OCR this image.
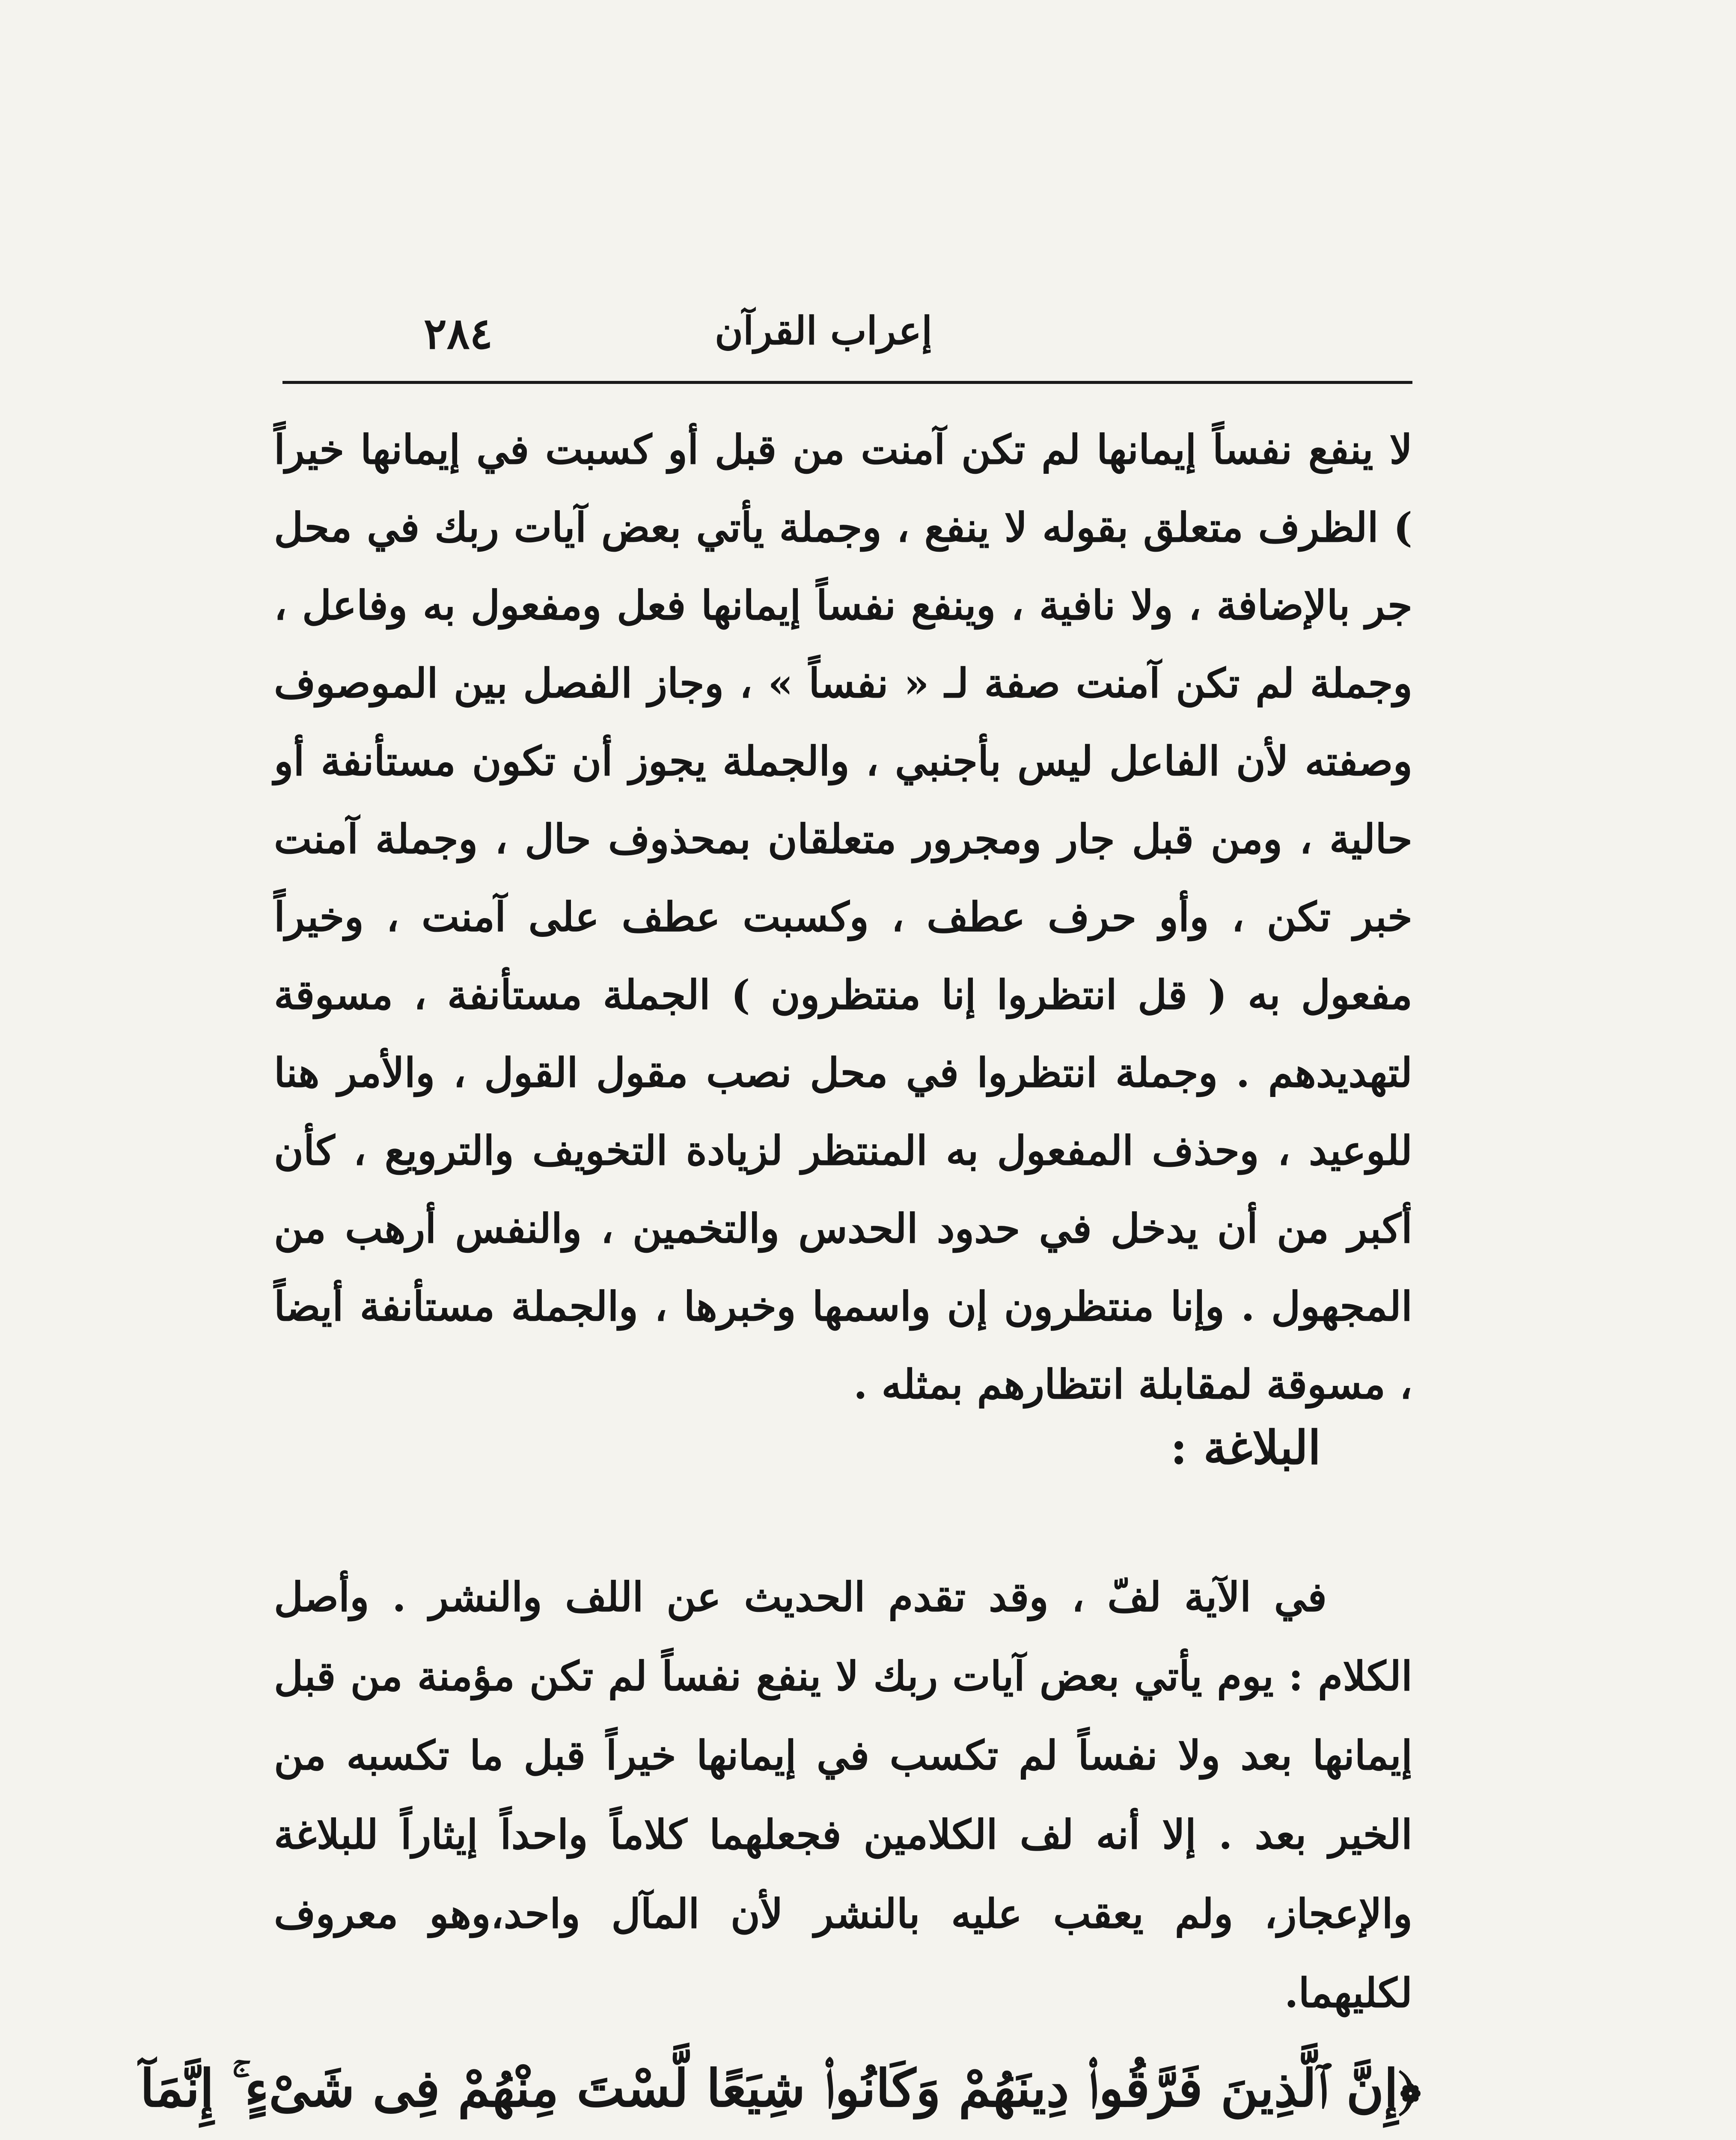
٢٨٤	إعراب القرآن

لا ينفع نفساً إيمانها لم تكن آمنت من قبل أو كسبت في إيمانها خيراً ) الظرف متعلق بقوله لا ينفع ، وجملة يأتي بعض آيات ربك في محل جر بالإضافة ، ولا نافية ، وينفع نفساً إيمانها فعل ومفعول به وفاعل ، وجملة لم تكن آمنت صفة لـ « نفساً » ، وجاز الفصل بين الموصوف وصفته لأن الفاعل ليس بأجنبي ، والجملة يجوز أن تكون مستأنفة أو حالية ، ومن قبل جار ومجرور متعلقان بمحذوف حال ، وجملة آمنت خبر تكن ، وأو حرف عطف ، وكسبت عطف على آمنت ، وخيراً مفعول به ( قل انتظروا إنا منتظرون ) الجملة مستأنفة ، مسوقة لتهديدهم . وجملة انتظروا في محل نصب مقول القول ، والأمر هنا للوعيد ، وحذف المفعول به المنتظر لزيادة التخويف والترويع ، كأن أكبر من أن يدخل في حدود الحدس والتخمين ، والنفس أرهب من المجهول . وإنا منتظرون إن واسمها وخبرها ، والجملة مستأنفة أيضاً ، مسوقة لمقابلة انتظارهم بمثله .

البلاغة :

في الآية لفّ ، وقد تقدم الحديث عن اللف والنشر . وأصل الكلام : يوم يأتي بعض آيات ربك لا ينفع نفساً لم تكن مؤمنة من قبل إيمانها بعد ولا نفساً لم تكسب في إيمانها خيراً قبل ما تكسبه من الخير بعد . إلا أنه لف الكلامين فجعلهما كلاماً واحداً إيثاراً للبلاغة والإعجاز، ولم يعقب عليه بالنشر لأن المآل واحد،وهو معروف لكليهما.

﴿إِنَّ ٱلَّذِينَ فَرَّقُوا۟ دِينَهُمْ وَكَانُوا۟ شِيَعًا لَّسْتَ مِنْهُمْ فِى شَىْءٍ ۚ إِنَّمَآ
